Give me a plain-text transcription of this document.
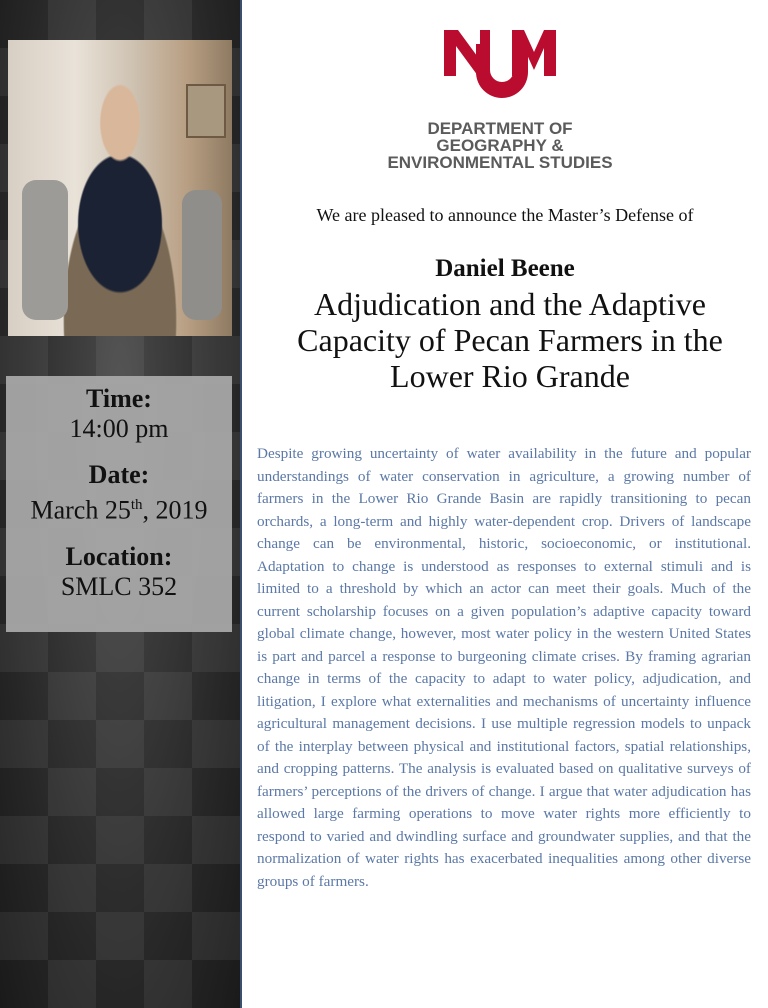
Time:
14:00 pm
Date:
March 25th, 2019
Location:
SMLC 352
DEPARTMENT OF
GEOGRAPHY &
ENVIRONMENTAL STUDIES
We are pleased to announce the Master’s Defense of
Daniel Beene
Adjudication and the Adaptive Capacity of Pecan Farmers in the Lower Rio Grande
Despite growing uncertainty of water availability in the future and popular understandings of water conservation in agriculture, a growing number of farmers in the Lower Rio Grande Basin are rapidly transitioning to pecan orchards, a long-term and highly water-dependent crop. Drivers of landscape change can be environmental, historic, socioeconomic, or institutional. Adaptation to change is understood as responses to external stimuli and is limited to a threshold by which an actor can meet their goals. Much of the current scholarship focuses on a given population’s adaptive capacity toward global climate change, however, most water policy in the western United States is part and parcel a response to burgeoning climate crises. By framing agrarian change in terms of the capacity to adapt to water policy, adjudication, and litigation, I explore what externalities and mechanisms of uncertainty influence agricultural management decisions. I use multiple regression models to unpack of the interplay between physical and institutional factors, spatial relationships, and cropping patterns. The analysis is evaluated based on qualitative surveys of farmers’ perceptions of the drivers of change. I argue that water adjudication has allowed large farming operations to move water rights more efficiently to respond to varied and dwindling surface and groundwater supplies, and that the normalization of water rights has exacerbated inequalities among other diverse groups of farmers.
